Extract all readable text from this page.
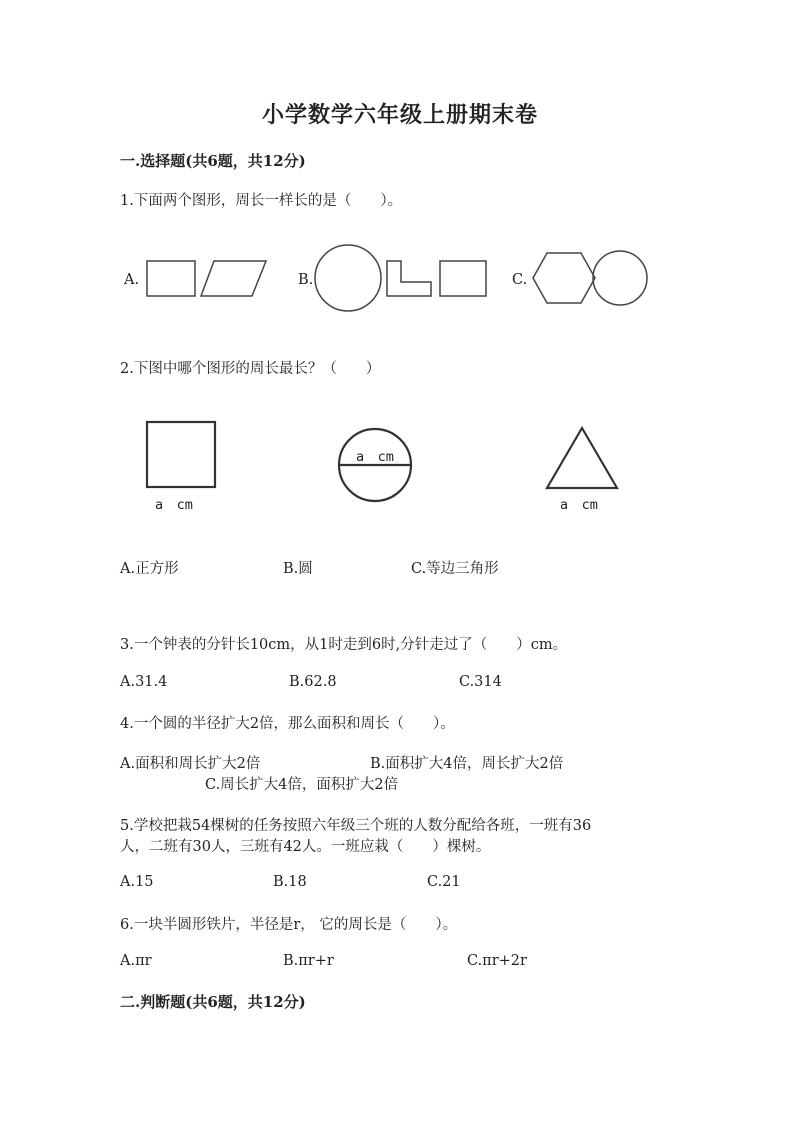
小学数学六年级上册期末卷
一.选择题(共6题，共12分)
1.下面两个图形，周长一样长的是（　　）。
A.	B.	C.
2.下图中哪个图形的周长最长？（　　）
a　cm
a　cm
a　cm
A.正方形	B.圆	C.等边三角形
3.一个钟表的分针长10cm，从1时走到6时,分针走过了（　　）cm。
A.31.4	B.62.8	C.314
4.一个圆的半径扩大2倍，那么面积和周长（　　）。
A.面积和周长扩大2倍	B.面积扩大4倍，周长扩大2倍
C.周长扩大4倍，面积扩大2倍
5.学校把栽54棵树的任务按照六年级三个班的人数分配给各班，一班有36
人，二班有30人，三班有42人。一班应栽（　　）棵树。
A.15	B.18	C.21
6.一块半圆形铁片，半径是r， 它的周长是（　　）。
A.πr	B.πr+r	C.πr+2r
二.判断题(共6题，共12分)
